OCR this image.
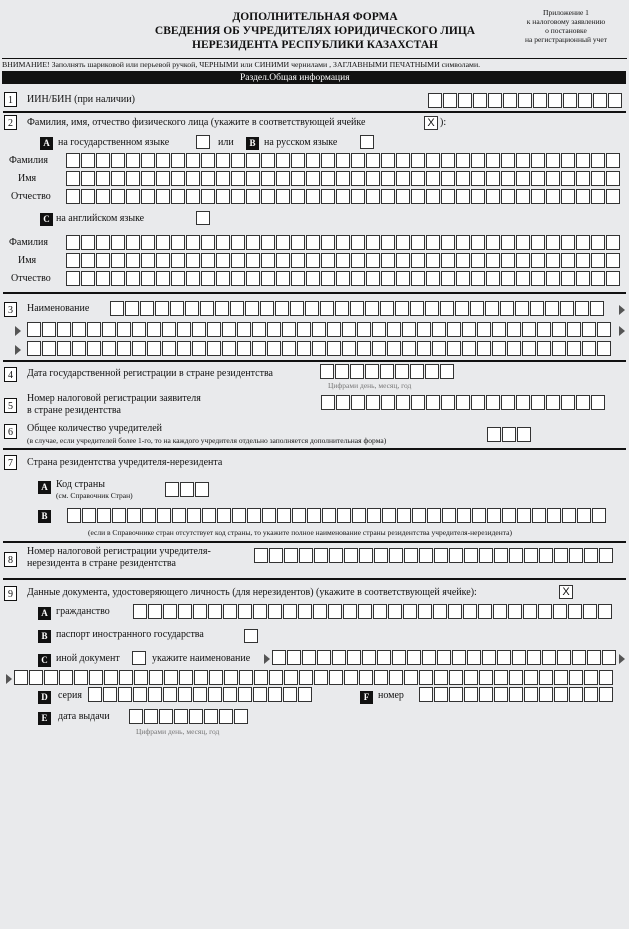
ДОПОЛНИТЕЛЬНАЯ ФОРМА
СВЕДЕНИЯ ОБ УЧРЕДИТЕЛЯХ ЮРИДИЧЕСКОГО ЛИЦА
НЕРЕЗИДЕНТА РЕСПУБЛИКИ КАЗАХСТАН
Приложение 1
к налоговому заявлению
о постановке
на регистрационный учет
ВНИМАНИЕ! Заполнять шариковой или перьевой ручкой, ЧЕРНЫМИ или СИНИМИ чернилами , ЗАГЛАВНЫМИ ПЕЧАТНЫМИ символами.
Раздел.Общая информация
1	ИИН/БИН (при наличии)
2	Фамилия, имя, отчество физического лица (укажите в соответствующей ячейке	X ):
A на государственном языке	или	B на русском языке
Фамилия
Имя
Отчество
C на английском языке
Фамилия
Имя
Отчество
3	Наименование
4	Дата государственной регистрации в стране резидентства
Цифрами день, месяц, год
5
Номер налоговой регистрации заявителя
в стране резидентства
6	Общее количество учредителей
(в случае, если учредителей более 1-го, то на каждого учредителя отдельно заполняется дополнительная форма)
7	Страна резидентства учредителя-нерезидента
A Код страны
(см. Справочник Стран)
B
(если в Справочнике стран отсутствует код страны, то укажите полное наименование страны резидентства учредителя-нерезидента)
8
Номер налоговой регистрации учредителя-
нерезидента в стране резидентства
9	Данные документа, удостоверяющего личность (для нерезидентов) (укажите в соответствующей ячейке):	X
A гражданство
B паспорт иностранного государства
C иной документ	укажите наименование
D	серия	F номер
E	дата выдачи
Цифрами день, месяц, год
